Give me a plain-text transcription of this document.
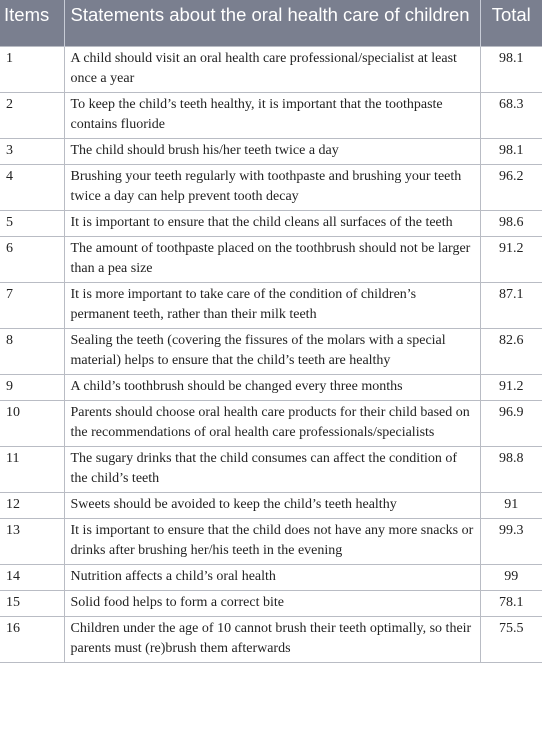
Items	Statements about the oral health care of children	Total
1	A child should visit an oral health care professional/specialist at least once a year	98.1
2	To keep the child’s teeth healthy, it is important that the toothpaste contains fluoride	68.3
3	The child should brush his/her teeth twice a day	98.1
4	Brushing your teeth regularly with toothpaste and brushing your teeth twice a day can help prevent tooth decay	96.2
5	It is important to ensure that the child cleans all surfaces of the teeth	98.6
6	The amount of toothpaste placed on the toothbrush should not be larger than a pea size	91.2
7	It is more important to take care of the condition of children’s permanent teeth, rather than their milk teeth	87.1
8	Sealing the teeth (covering the fissures of the molars with a special material) helps to ensure that the child’s teeth are healthy	82.6
9	A child’s toothbrush should be changed every three months	91.2
10	Parents should choose oral health care products for their child based on the recommendations of oral health care professionals/specialists	96.9
11	The sugary drinks that the child consumes can affect the condition of the child’s teeth	98.8
12	Sweets should be avoided to keep the child’s teeth healthy	91
13	It is important to ensure that the child does not have any more snacks or drinks after brushing her/his teeth in the evening	99.3
14	Nutrition affects a child’s oral health	99
15	Solid food helps to form a correct bite	78.1
16	Children under the age of 10 cannot brush their teeth optimally, so their parents must (re)brush them afterwards	75.5
